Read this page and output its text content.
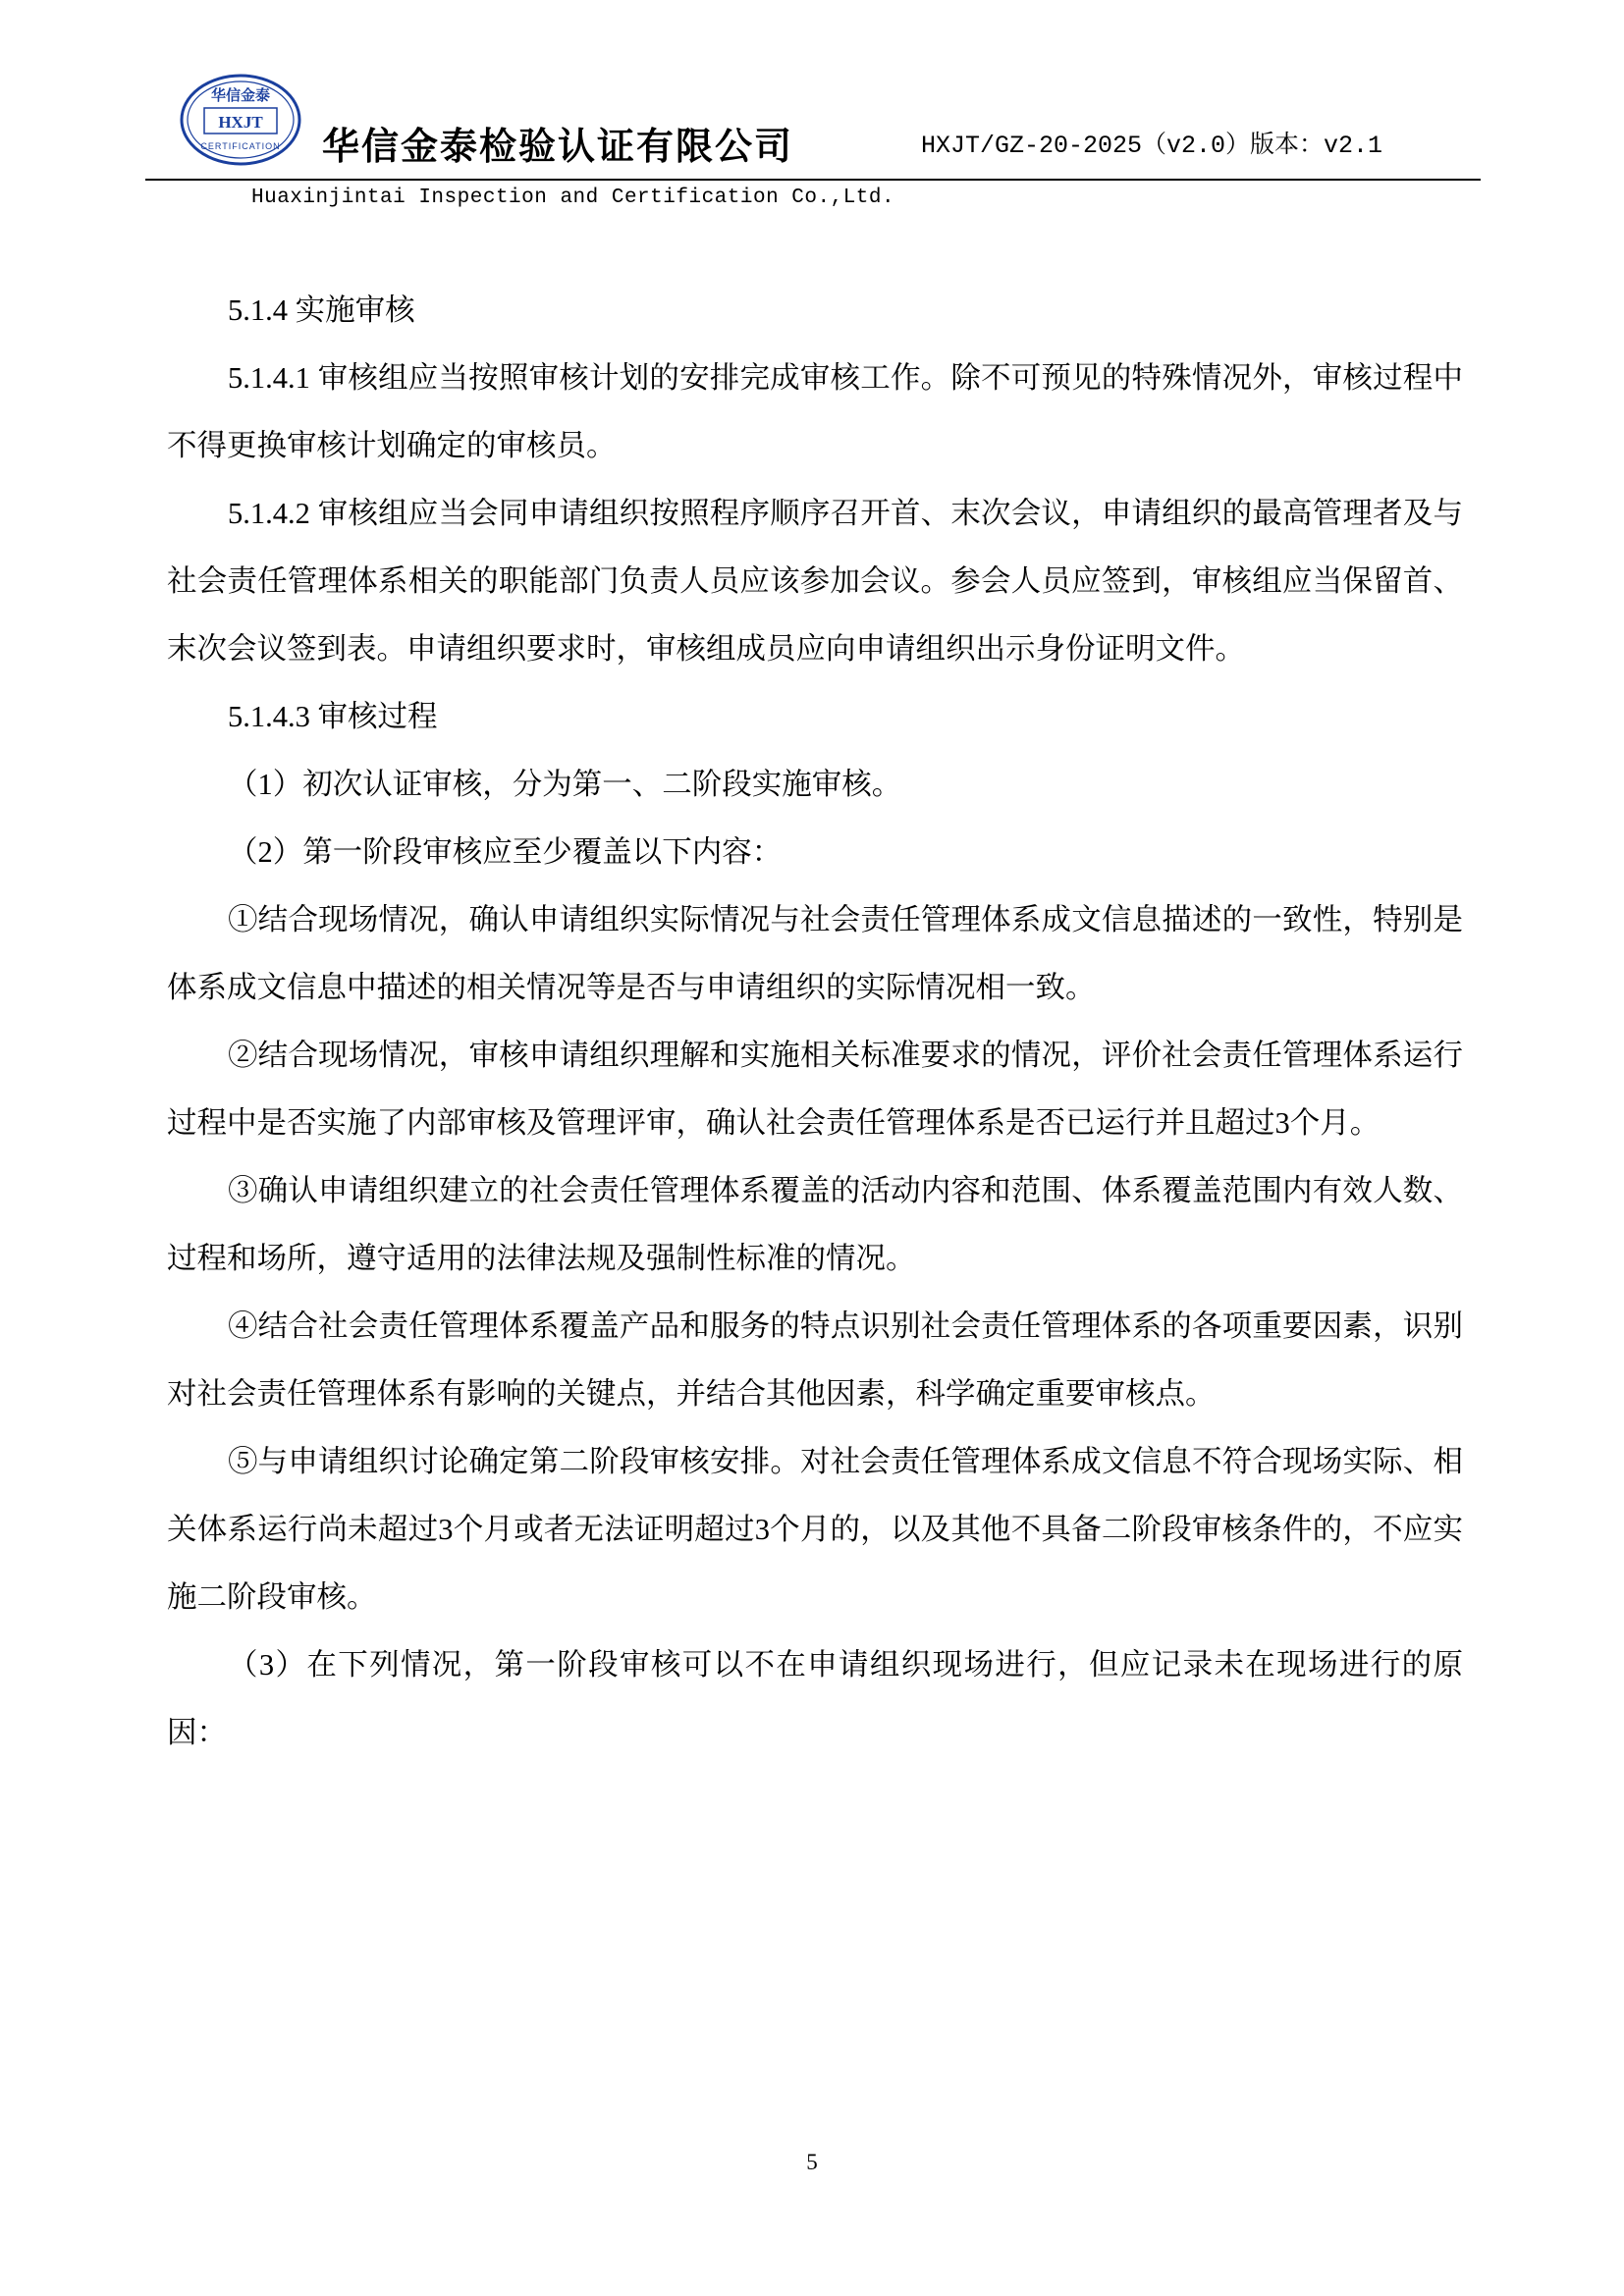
华信金泰
HXJT
CERTIFICATION 华信金泰检验认证有限公司	HXJT/GZ-20-2025（v2.0）版本：v2.1
Huaxinjintai Inspection and Certification Co.,Ltd.

5.1.4 实施审核

5.1.4.1 审核组应当按照审核计划的安排完成审核工作。除不可预见的特殊情况外，审核过程中不得更换审核计划确定的审核员。

5.1.4.2 审核组应当会同申请组织按照程序顺序召开首、末次会议，申请组织的最高管理者及与社会责任管理体系相关的职能部门负责人员应该参加会议。参会人员应签到，审核组应当保留首、末次会议签到表。申请组织要求时，审核组成员应向申请组织出示身份证明文件。

5.1.4.3 审核过程

（1）初次认证审核，分为第一、二阶段实施审核。

（2）第一阶段审核应至少覆盖以下内容：

①结合现场情况，确认申请组织实际情况与社会责任管理体系成文信息描述的一致性，特别是体系成文信息中描述的相关情况等是否与申请组织的实际情况相一致。

②结合现场情况，审核申请组织理解和实施相关标准要求的情况，评价社会责任管理体系运行过程中是否实施了内部审核及管理评审，确认社会责任管理体系是否已运行并且超过3个月。

③确认申请组织建立的社会责任管理体系覆盖的活动内容和范围、体系覆盖范围内有效人数、过程和场所，遵守适用的法律法规及强制性标准的情况。

④结合社会责任管理体系覆盖产品和服务的特点识别社会责任管理体系的各项重要因素，识别对社会责任管理体系有影响的关键点，并结合其他因素，科学确定重要审核点。

⑤与申请组织讨论确定第二阶段审核安排。对社会责任管理体系成文信息不符合现场实际、相关体系运行尚未超过3个月或者无法证明超过3个月的，以及其他不具备二阶段审核条件的，不应实施二阶段审核。

（3）在下列情况，第一阶段审核可以不在申请组织现场进行，但应记录未在现场进行的原因：

5
